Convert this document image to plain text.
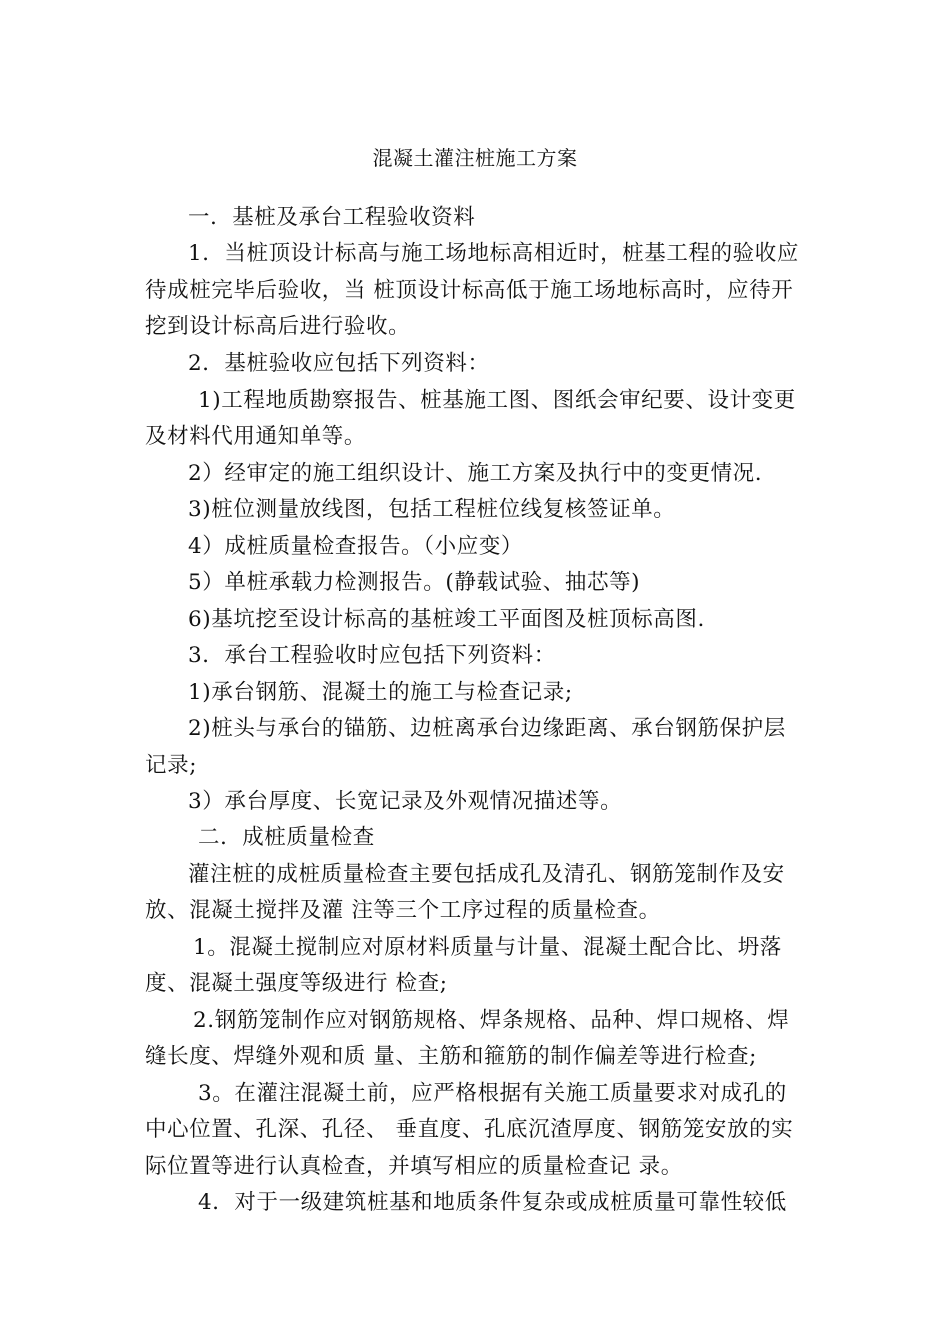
混凝土灌注桩施工方案
一．基桩及承台工程验收资料
1．当桩顶设计标高与施工场地标高相近时，桩基工程的验收应
待成桩完毕后验收，当 桩顶设计标高低于施工场地标高时，应待开
挖到设计标高后进行验收。
2．基桩验收应包括下列资料：
1)工程地质勘察报告、桩基施工图、图纸会审纪要、设计变更
及材料代用通知单等。
2）经审定的施工组织设计、施工方案及执行中的变更情况.
3)桩位测量放线图，包括工程桩位线复核签证单。
4）成桩质量检查报告。（小应变）
5）单桩承载力检测报告。(静载试验、抽芯等)
6)基坑挖至设计标高的基桩竣工平面图及桩顶标高图.
3．承台工程验收时应包括下列资料：
1)承台钢筋、混凝土的施工与检查记录;
2)桩头与承台的锚筋、边桩离承台边缘距离、承台钢筋保护层
记录;
3）承台厚度、长宽记录及外观情况描述等。
二．成桩质量检查
灌注桩的成桩质量检查主要包括成孔及清孔、钢筋笼制作及安
放、混凝土搅拌及灌 注等三个工序过程的质量检查。
1。混凝土搅制应对原材料质量与计量、混凝土配合比、坍落
度、混凝土强度等级进行 检查;
2.钢筋笼制作应对钢筋规格、焊条规格、品种、焊口规格、焊
缝长度、焊缝外观和质 量、主筋和箍筋的制作偏差等进行检查;
3。在灌注混凝土前，应严格根据有关施工质量要求对成孔的
中心位置、孔深、孔径、 垂直度、孔底沉渣厚度、钢筋笼安放的实
际位置等进行认真检查，并填写相应的质量检查记 录。
4．对于一级建筑桩基和地质条件复杂或成桩质量可靠性较低
